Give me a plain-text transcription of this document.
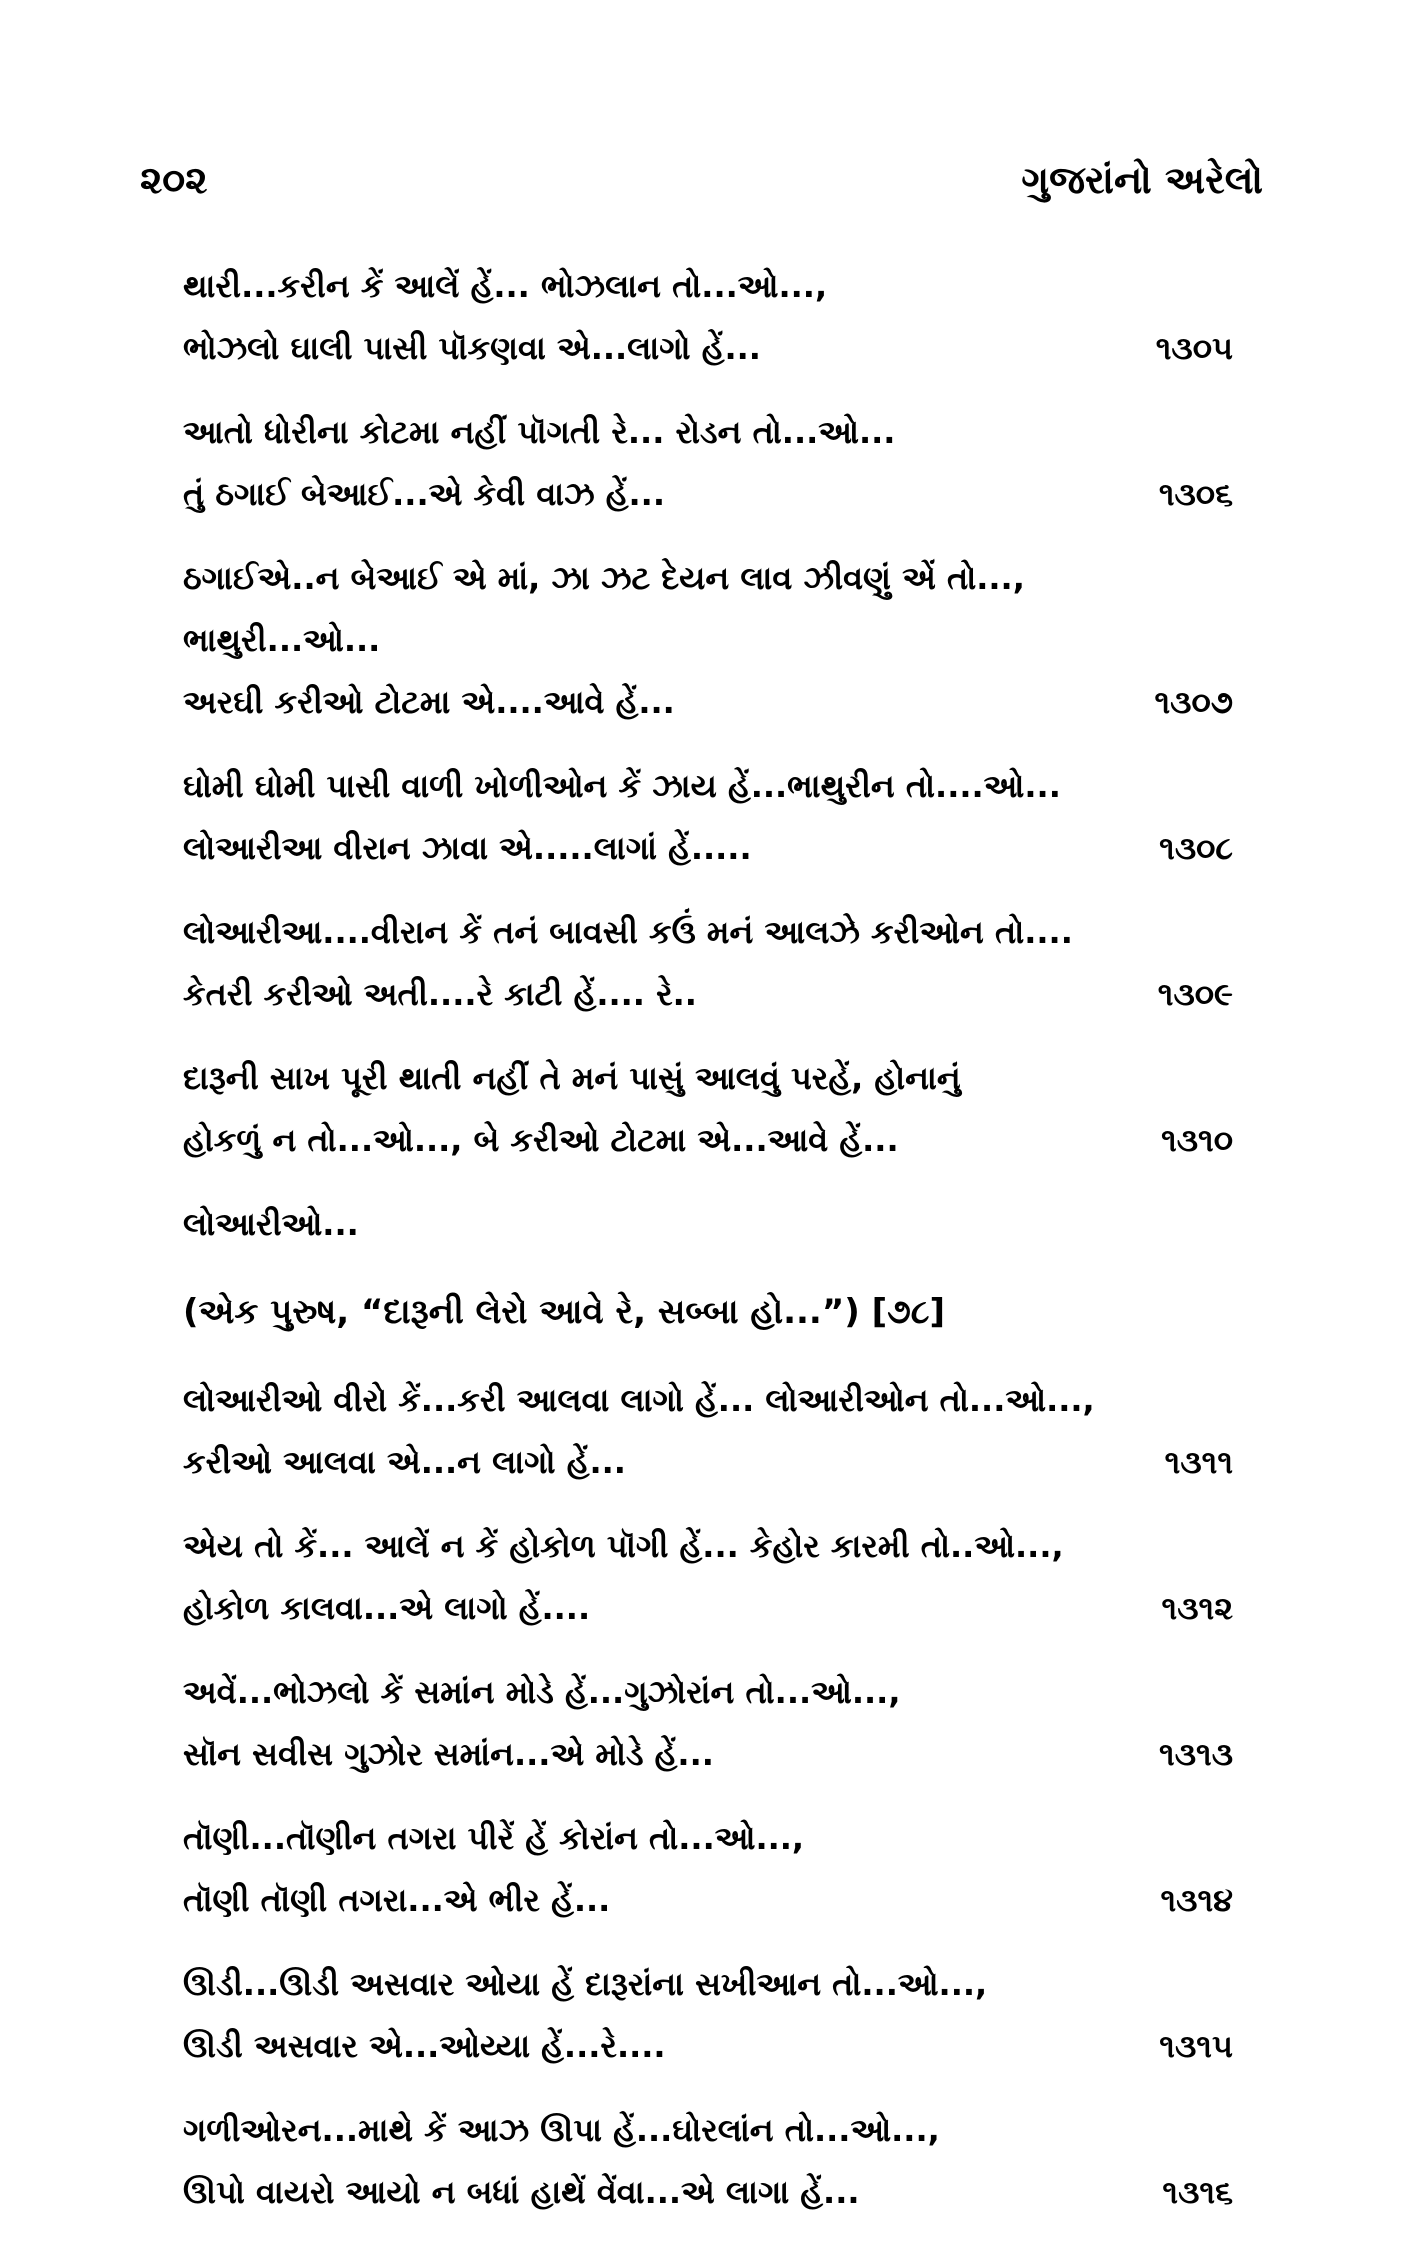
૨૦૨	ગુજરાંનો અરેલો
થારી...કરીન કેં આલેં હેં... ભોઝલાન તો...ઓ...,
ભોઝલો ઘાલી પાસી પૉકણવા એ...લાગો હેં...	૧૩૦૫
આતો ધોરીના કોટમા નહીં પૉગતી રે... રોડન તો...ઓ...
તું ઠગાઈ બેઆઈ...એ કેવી વાઝ હેં...	૧૩૦૬
ઠગાઈએ..ન બેઆઈ એ માં, ઝા ઝટ દેયન લાવ ઝીવણું એં તો...,
ભાથુરી...ઓ...
અરઘી કરીઓ ટોટમા એ....આવે હેં...	૧૩૦૭
ઘોમી ઘોમી પાસી વાળી ખોળીઓન કેં ઝાય હેં...ભાથુરીન તો....ઓ...
લોઆરીઆ વીરાન ઝાવા એ.....લાગાં હેં.....	૧૩૦૮
લોઆરીઆ....વીરાન કેં તનં બાવસી કઉં મનં આલઝે કરીઓન તો....
કેતરી કરીઓ અતી....રે કાટી હેં.... રે..	૧૩૦૯
દારૂની સાખ પૂરી થાતી નહીં તે મનં પાસું આલવું પરહેં, હોનાનું
હોકળું ન તો...ઓ..., બે કરીઓ ટોટમા એ...આવે હેં...	૧૩૧૦
લોઆરીઓ...
(એક પુરુષ, “દારૂની લેરો આવે રે, સબ્બા હો...”) [૭૮]
લોઆરીઓ વીરો કેં...કરી આલવા લાગો હેં... લોઆરીઓન તો...ઓ...,
કરીઓ આલવા એ...ન લાગો હેં...	૧૩૧૧
એય તો કેં... આલેં ન કેં હોકોળ પૉગી હેં... કેહોર કારમી તો..ઓ...,
હોકોળ કાલવા...એ લાગો હેં....	૧૩૧૨
અવેં...ભોઝલો કેં સમાંન મોડે હેં...ગુઝોરાંન તો...ઓ...,
સૉન સવીસ ગુઝોર સમાંન...એ મોડે હેં...	૧૩૧૩
તૉણી...તૉણીન તગરા પીરેં હેં કોરાંન તો...ઓ...,
તૉણી તૉણી તગરા...એ ભીર હેં...	૧૩૧૪
ઊડી...ઊડી અસવાર ઓયા હેં દારૂરાંના સખીઆન તો...ઓ...,
ઊડી અસવાર એ...ઓય્યા હેં...રે....	૧૩૧૫
ગળીઓરન...માથે કેં આઝ ઊપા હેં...ઘોરલાંન તો...ઓ...,
ઊપો વાયરો આયો ન બધાં હાથેં વેંવા...એ લાગા હેં...	૧૩૧૬
